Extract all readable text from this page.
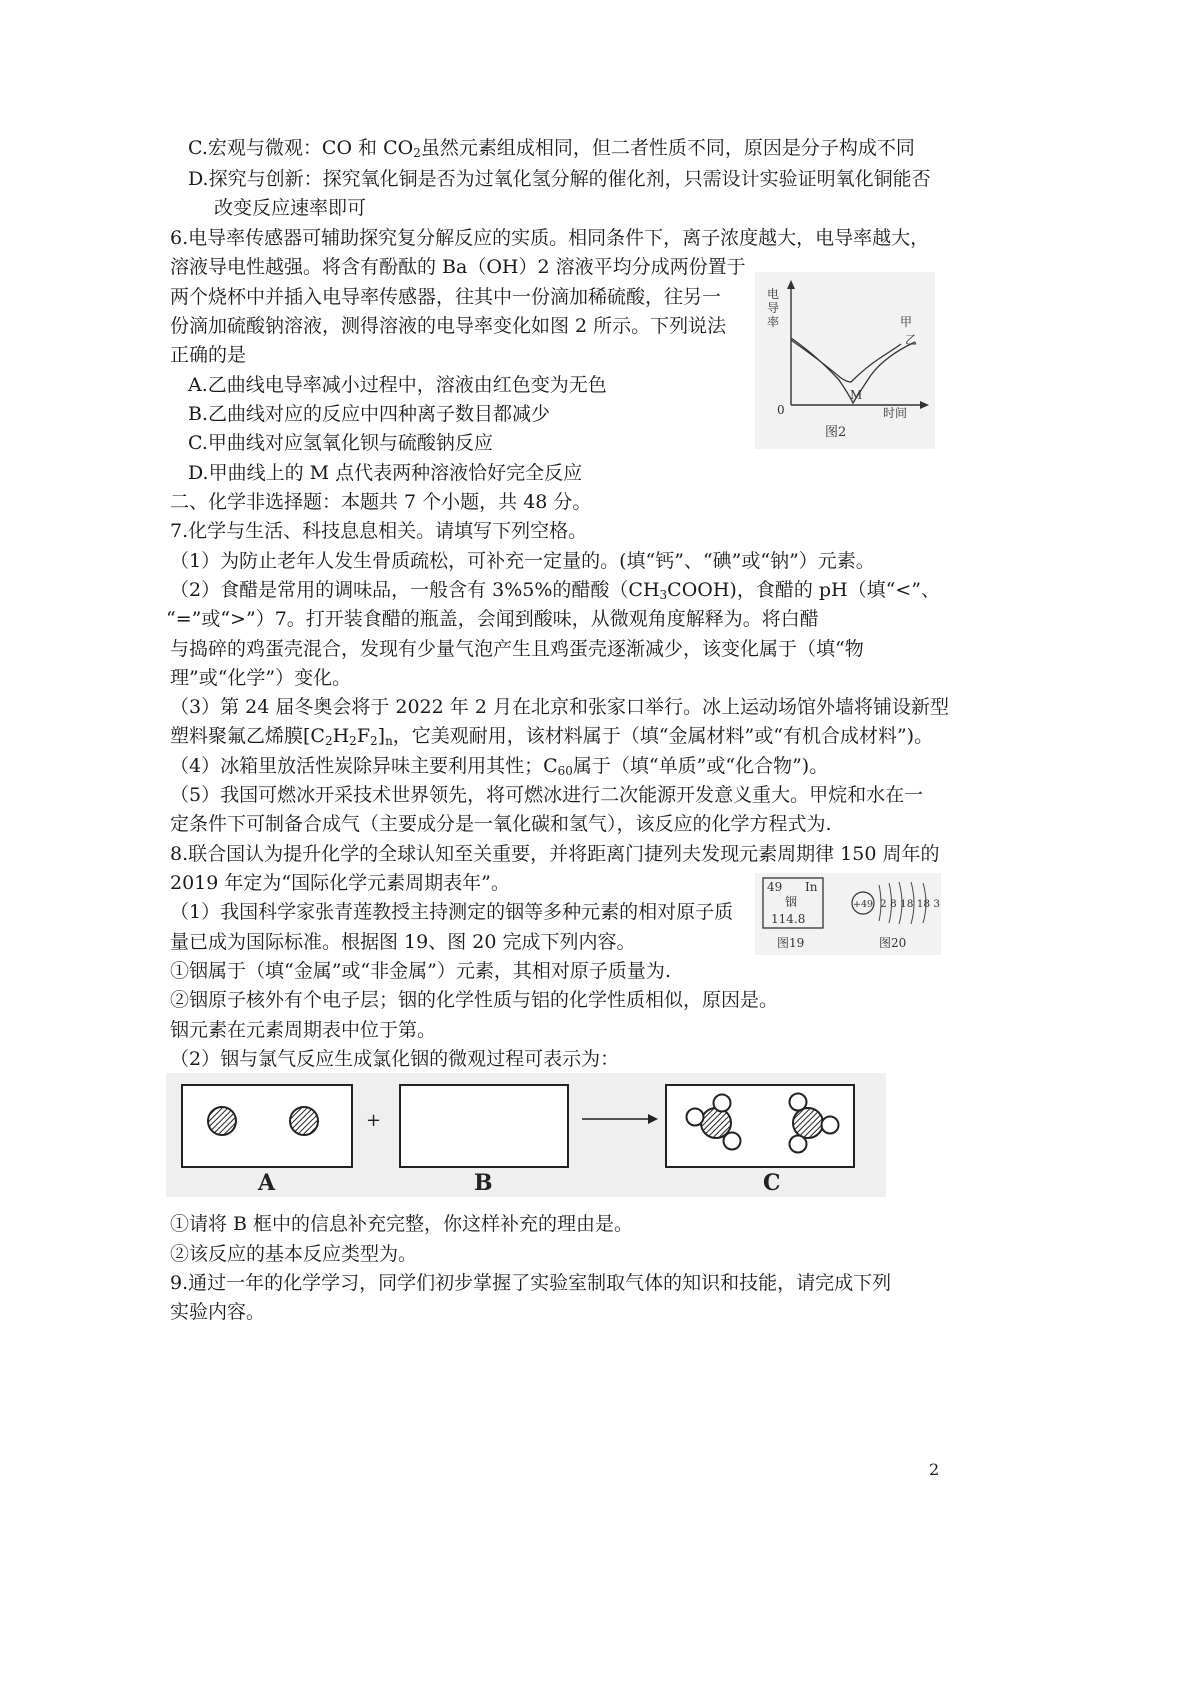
C.宏观与微观：CO 和 $CO_2$虽然元素组成相同，但二者性质不同，原因是分子构成不同
D.探究与创新：探究氧化铜是否为过氧化氢分解的催化剂，只需设计实验证明氧化铜能否
改变反应速率即可
6.电导率传感器可辅助探究复分解反应的实质。相同条件下，离子浓度越大，电导率越大，
溶液导电性越强。将含有酚酞的 Ba（OH）2 溶液平均分成两份置于
两个烧杯中并插入电导率传感器，往其中一份滴加稀硫酸，往另一
份滴加硫酸钠溶液，测得溶液的电导率变化如图 2 所示。下列说法
正确的是
A.乙曲线电导率减小过程中，溶液由红色变为无色
B.乙曲线对应的反应中四种离子数目都减少
C.甲曲线对应氢氧化钡与硫酸钠反应
D.甲曲线上的 M 点代表两种溶液恰好完全反应
二、化学非选择题：本题共 7 个小题，共 48 分。
7.化学与生活、科技息息相关。请填写下列空格。
（1）为防止老年人发生骨质疏松，可补充一定量的。(填“钙”、“碘”或“钠”）元素。
（2）食醋是常用的调味品，一般含有 3%5%的醋酸$(CH_3COOH)$，食醋的 pH（填“<”、
“=”或“>”）7。打开装食醋的瓶盖，会闻到酸味，从微观角度解释为。将白醋
与捣碎的鸡蛋壳混合，发现有少量气泡产生且鸡蛋壳逐渐减少，该变化属于（填“物
理”或“化学”）变化。
（3）第 24 届冬奥会将于 2022 年 2 月在北京和张家口举行。冰上运动场馆外墙将铺设新型
塑料聚氟乙烯膜$[C_2H_2F_2]_n$，它美观耐用，该材料属于（填“金属材料”或“有机合成材料”)。
（4）冰箱里放活性炭除异味主要利用其性；$C_{60}$属于（填“单质”或“化合物”)。
（5）我国可燃冰开采技术世界领先，将可燃冰进行二次能源开发意义重大。甲烷和水在一
定条件下可制备合成气（主要成分是一氧化碳和氢气），该反应的化学方程式为.
8.联合国认为提升化学的全球认知至关重要，并将距离门捷列夫发现元素周期律 150 周年的
2019 年定为“国际化学元素周期表年”。
（1）我国科学家张青莲教授主持测定的铟等多种元素的相对原子质
量已成为国际标准。根据图 19、图 20 完成下列内容。
①铟属于（填“金属”或“非金属”）元素，其相对原子质量为.
②铟原子核外有个电子层；铟的化学性质与铝的化学性质相似，原因是。
铟元素在元素周期表中位于第。
（2）铟与氯气反应生成氯化铟的微观过程可表示为：
①请将 B 框中的信息补充完整，你这样补充的理由是。
②该反应的基本反应类型为。
9.通过一年的化学学习，同学们初步掌握了实验室制取气体的知识和技能，请完成下列
实验内容。
电
导
率
0
M
时间
甲
乙
图2
49 In
铟
114.8
图19
+49 2 8 18 18 3
图20
+
A	B	C
2
